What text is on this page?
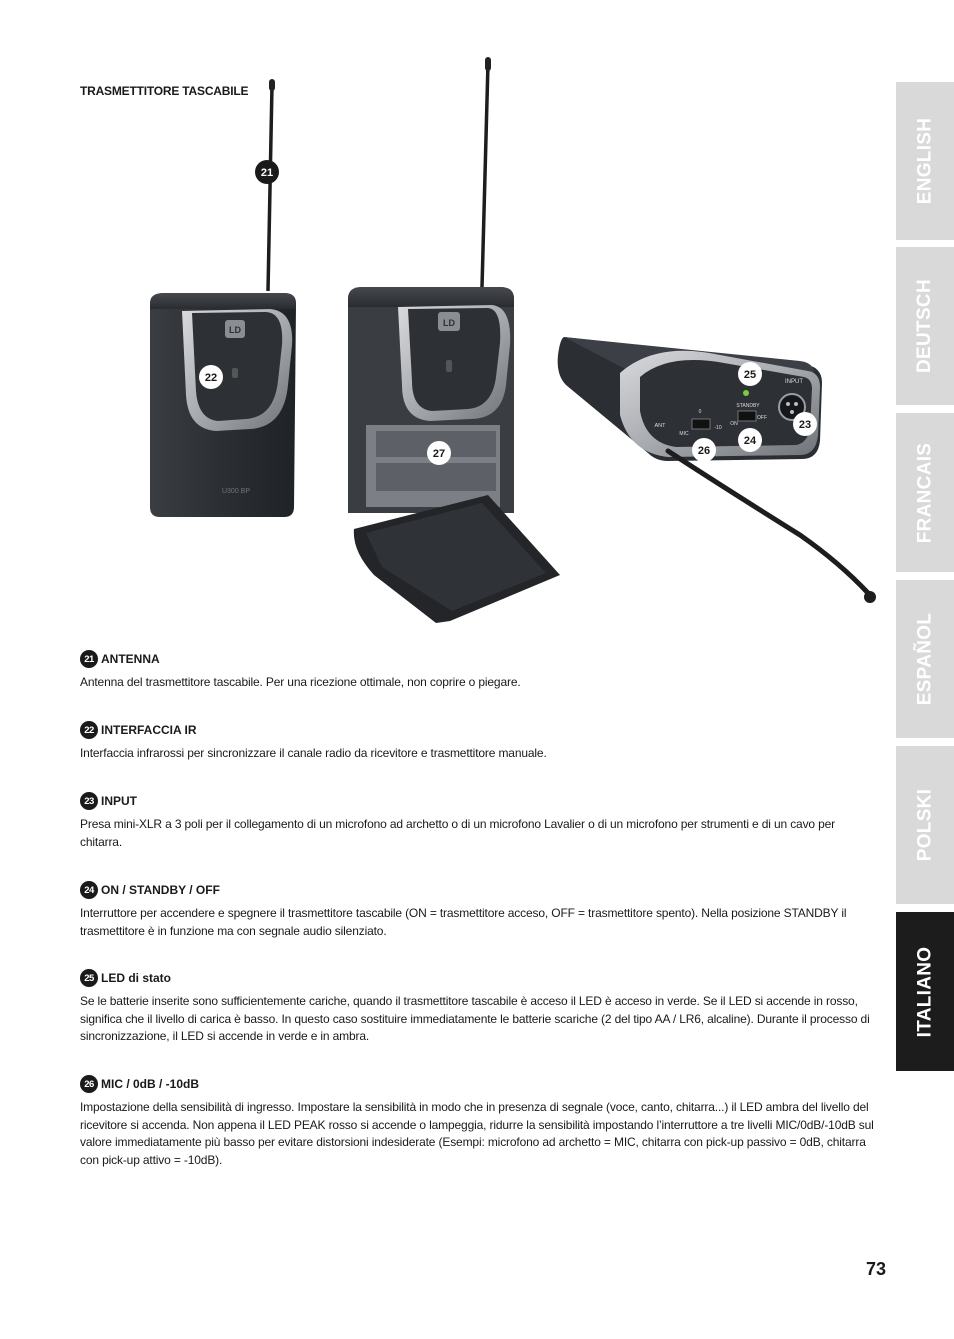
TRASMETTITORE TASCABILE
ENGLISH
DEUTSCH
FRANCAIS
ESPAÑOL
POLSKI
ITALIANO
LD
U300 BP
LD
INPUT
STANDBY
ANT
MIC
-10
0
ON
OFF
21
22
23
24
25
26
27
21 ANTENNA

Antenna del trasmettitore tascabile. Per una ricezione ottimale, non coprire o piegare.

22 INTERFACCIA IR

Interfaccia infrarossi per sincronizzare il canale radio da ricevitore e trasmettitore manuale.

23 INPUT

Presa mini-XLR a 3 poli per il collegamento di un microfono ad archetto o di un microfono Lavalier o di un microfono per strumenti e di un cavo per chitarra.

24 ON / STANDBY / OFF

Interruttore per accendere e spegnere il trasmettitore tascabile (ON = trasmettitore acceso, OFF = trasmettitore spento). Nella posizione STANDBY il trasmettitore è in funzione ma con segnale audio silenziato.

25 LED di stato

Se le batterie inserite sono sufficientemente cariche, quando il trasmettitore tascabile è acceso il LED è acceso in verde. Se il LED si accende in rosso, significa che il livello di carica è basso. In questo caso sostituire immediatamente le batterie scariche (2 del tipo AA / LR6, alcaline). Durante il processo di sincronizzazione, il LED si accende in verde e in ambra.

26 MIC / 0dB / -10dB

Impostazione della sensibilità di ingresso. Impostare la sensibilità in modo che in presenza di segnale (voce, canto, chitarra...) il LED ambra del livello del ricevitore si accenda. Non appena il LED PEAK rosso si accende o lampeggia, ridurre la sensibilità impostando l’interruttore a tre livelli MIC/0dB/-10dB sul valore immediatamente più basso per evitare distorsioni indesiderate (Esempi: microfono ad archetto = MIC, chitarra con pick-up passivo = 0dB, chitarra con pick-up attivo = -10dB).

73
